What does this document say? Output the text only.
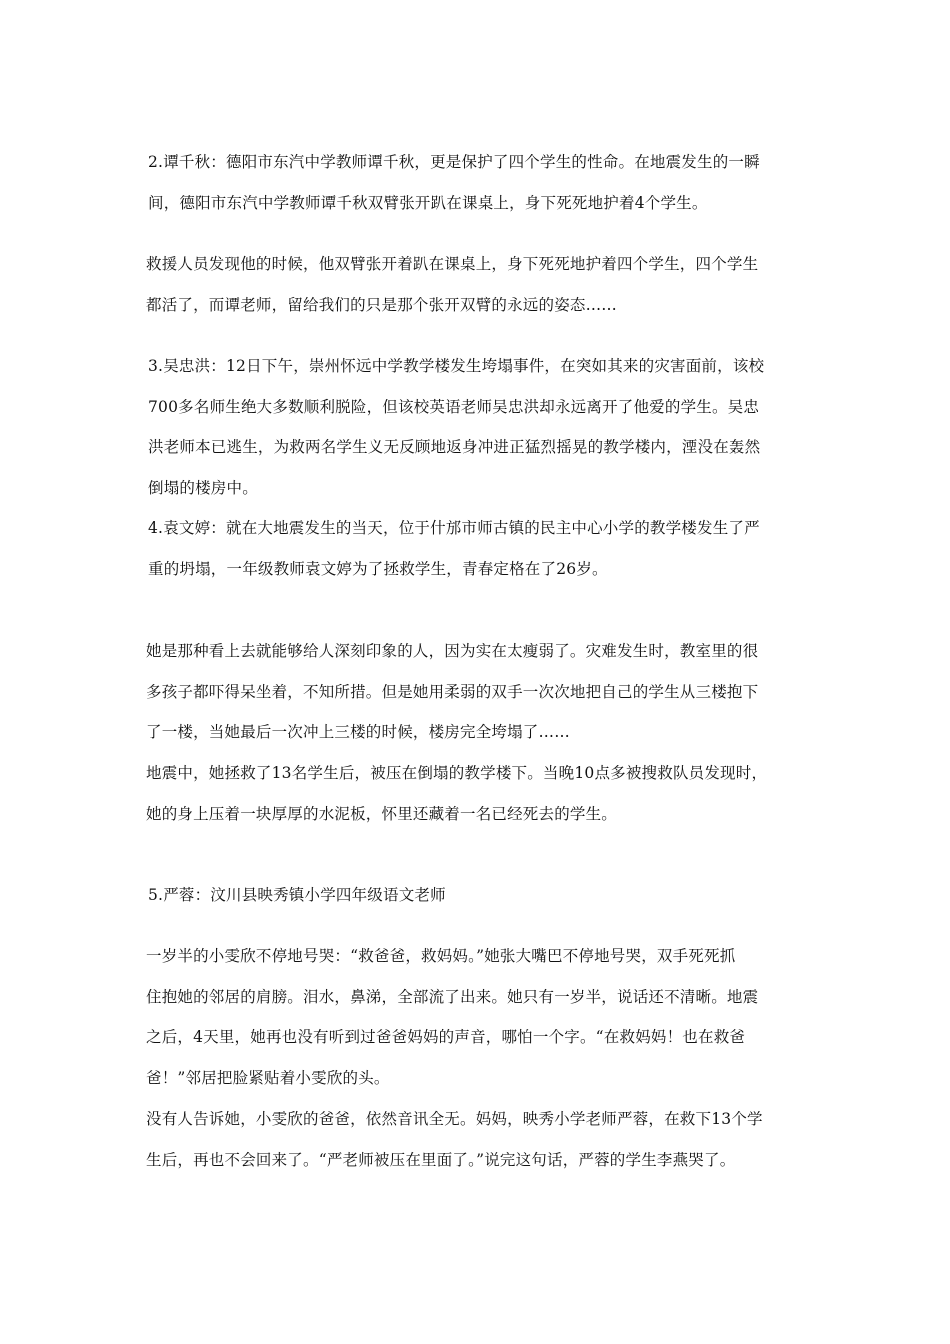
2.谭千秋：德阳市东汽中学教师谭千秋，更是保护了四个学生的性命。在地震发生的一瞬
间，德阳市东汽中学教师谭千秋双臂张开趴在课桌上，身下死死地护着4个学生。

救援人员发现他的时候，他双臂张开着趴在课桌上，身下死死地护着四个学生，四个学生
都活了，而谭老师，留给我们的只是那个张开双臂的永远的姿态……

3.吴忠洪：12日下午，崇州怀远中学教学楼发生垮塌事件，在突如其来的灾害面前，该校
700多名师生绝大多数顺利脱险，但该校英语老师吴忠洪却永远离开了他爱的学生。吴忠
洪老师本已逃生，为救两名学生义无反顾地返身冲进正猛烈摇晃的教学楼内，湮没在轰然
倒塌的楼房中。

4.袁文婷：就在大地震发生的当天，位于什邡市师古镇的民主中心小学的教学楼发生了严
重的坍塌，一年级教师袁文婷为了拯救学生，青春定格在了26岁。

她是那种看上去就能够给人深刻印象的人，因为实在太瘦弱了。灾难发生时，教室里的很
多孩子都吓得呆坐着，不知所措。但是她用柔弱的双手一次次地把自己的学生从三楼抱下
了一楼，当她最后一次冲上三楼的时候，楼房完全垮塌了……

地震中，她拯救了13名学生后，被压在倒塌的教学楼下。当晚10点多被搜救队员发现时，
她的身上压着一块厚厚的水泥板，怀里还藏着一名已经死去的学生。

5.严蓉：汶川县映秀镇小学四年级语文老师

一岁半的小雯欣不停地号哭：“救爸爸，救妈妈。”她张大嘴巴不停地号哭，双手死死抓
住抱她的邻居的肩膀。泪水，鼻涕，全部流了出来。她只有一岁半，说话还不清晰。地震
之后，4天里，她再也没有听到过爸爸妈妈的声音，哪怕一个字。“在救妈妈！也在救爸
爸！”邻居把脸紧贴着小雯欣的头。

没有人告诉她，小雯欣的爸爸，依然音讯全无。妈妈，映秀小学老师严蓉，在救下13个学
生后，再也不会回来了。“严老师被压在里面了。”说完这句话，严蓉的学生李燕哭了。
